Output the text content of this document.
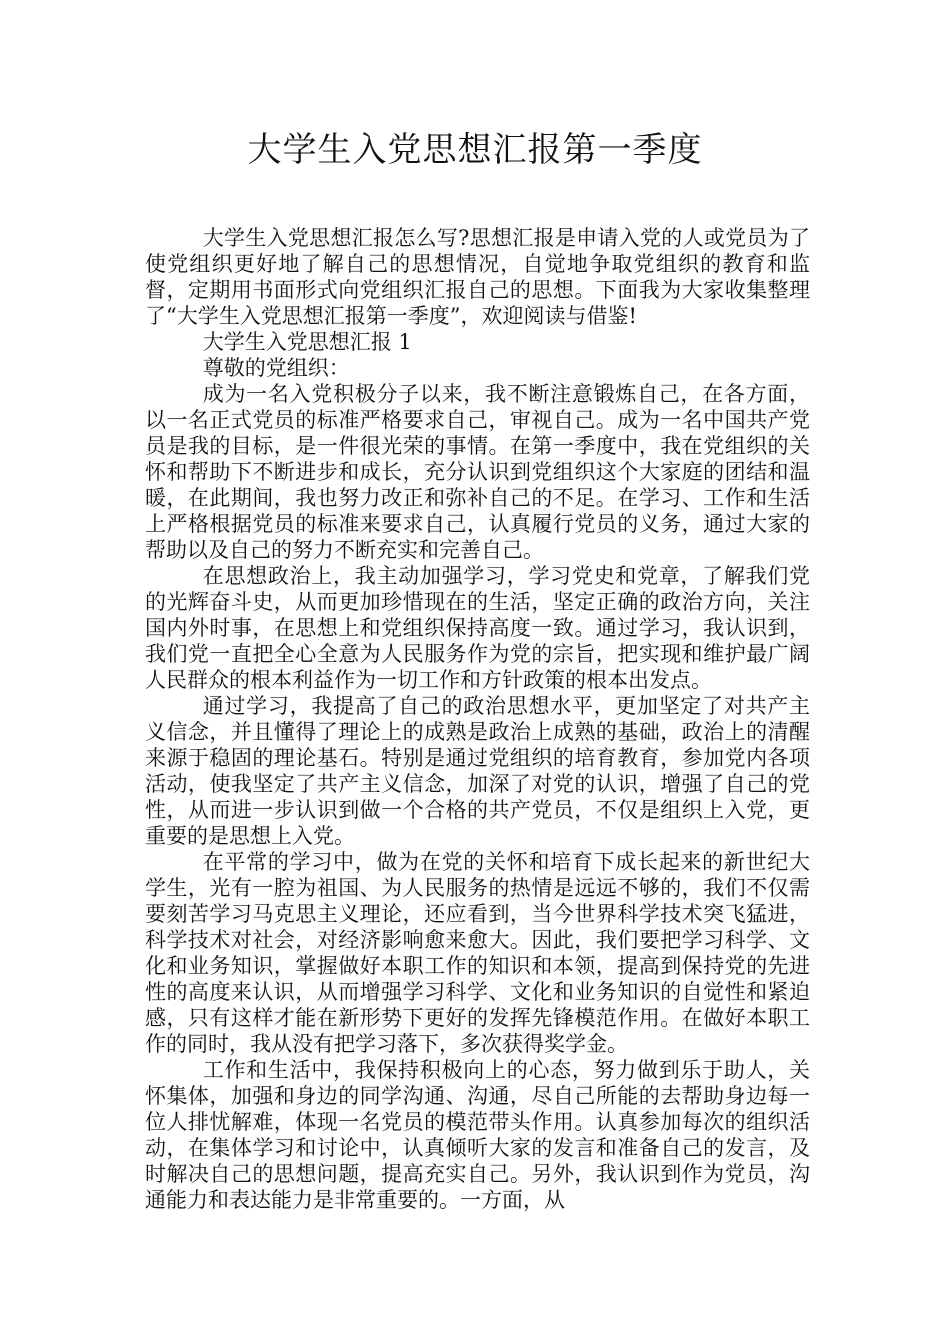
大学生入党思想汇报第一季度

大学生入党思想汇报怎么写?思想汇报是申请入党的人或党员为了使党组织更好地了解自己的思想情况，自觉地争取党组织的教育和监督，定期用书面形式向党组织汇报自己的思想。下面我为大家收集整理了“大学生入党思想汇报第一季度”，欢迎阅读与借鉴!

大学生入党思想汇报 1

尊敬的党组织：

成为一名入党积极分子以来，我不断注意锻炼自己，在各方面，以一名正式党员的标准严格要求自己，审视自己。成为一名中国共产党员是我的目标，是一件很光荣的事情。在第一季度中，我在党组织的关怀和帮助下不断进步和成长，充分认识到党组织这个大家庭的团结和温暖，在此期间，我也努力改正和弥补自己的不足。在学习、工作和生活上严格根据党员的标准来要求自己，认真履行党员的义务，通过大家的帮助以及自己的努力不断充实和完善自己。

在思想政治上，我主动加强学习，学习党史和党章，了解我们党的光辉奋斗史，从而更加珍惜现在的生活，坚定正确的政治方向，关注国内外时事，在思想上和党组织保持高度一致。通过学习，我认识到，我们党一直把全心全意为人民服务作为党的宗旨，把实现和维护最广阔人民群众的根本利益作为一切工作和方针政策的根本出发点。

通过学习，我提高了自己的政治思想水平，更加坚定了对共产主义信念，并且懂得了理论上的成熟是政治上成熟的基础，政治上的清醒来源于稳固的理论基石。特别是通过党组织的培育教育，参加党内各项活动，使我坚定了共产主义信念，加深了对党的认识，增强了自己的党性，从而进一步认识到做一个合格的共产党员，不仅是组织上入党，更重要的是思想上入党。

在平常的学习中，做为在党的关怀和培育下成长起来的新世纪大学生，光有一腔为祖国、为人民服务的热情是远远不够的，我们不仅需要刻苦学习马克思主义理论，还应看到，当今世界科学技术突飞猛进，科学技术对社会，对经济影响愈来愈大。因此，我们要把学习科学、文化和业务知识，掌握做好本职工作的知识和本领，提高到保持党的先进性的高度来认识，从而增强学习科学、文化和业务知识的自觉性和紧迫感，只有这样才能在新形势下更好的发挥先锋模范作用。在做好本职工作的同时，我从没有把学习落下，多次获得奖学金。

工作和生活中，我保持积极向上的心态，努力做到乐于助人，关怀集体，加强和身边的同学沟通、沟通，尽自己所能的去帮助身边每一位人排忧解难，体现一名党员的模范带头作用。认真参加每次的组织活动，在集体学习和讨论中，认真倾听大家的发言和准备自己的发言，及时解决自己的思想问题，提高充实自己。另外，我认识到作为党员，沟通能力和表达能力是非常重要的。一方面，从
